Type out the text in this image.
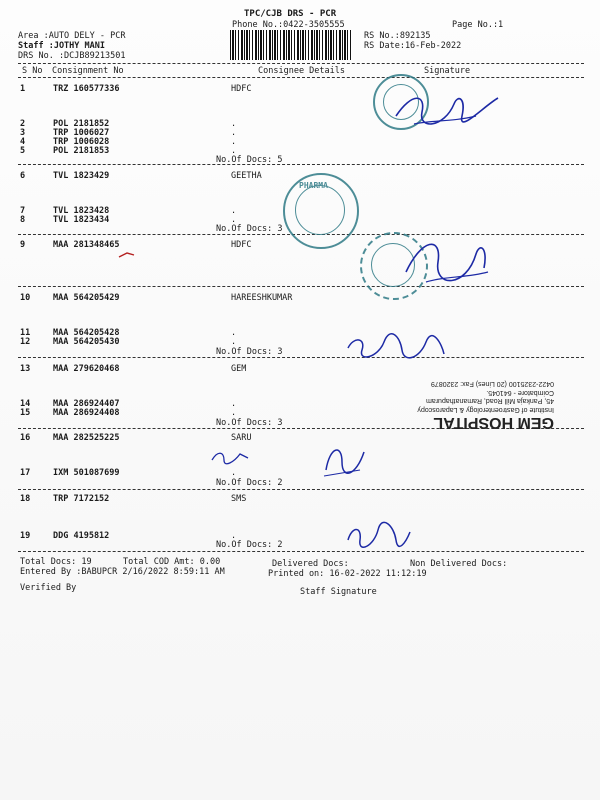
TPC/CJB DRS - PCR
Phone No.:0422-3505555	Page No.:1
Area :AUTO DELY - PCR
Staff :JOTHY MANI
DRS No. :DCJB89213501
RS No.:892135
RS Date:16-Feb-2022
S No Consignment No	Consignee Details	Signature
1	TRZ 160577336	HDFC
2	POL 2181852	.
3	TRP 1006027	.
4	TRP 1006028	.
5	POL 2181853	.
No.Of Docs: 5
6	TVL 1823429	GEETHA
7	TVL 1823428	.
8	TVL 1823434	.
No.Of Docs: 3
9	MAA 281348465	HDFC
10	MAA 564205429	HAREESHKUMAR
11	MAA 564205428	.
12	MAA 564205430	.
No.Of Docs: 3
13	MAA 279620468	GEM
14	MAA 286924407	.
15	MAA 286924408	.
No.Of Docs: 3
16	MAA 282525225	SARU
17	IXM 501087699	.
No.Of Docs: 2
18	TRP 7172152	SMS
19	DDG 4195812	.
No.Of Docs: 2
Total Docs: 19	Total COD Amt: 0.00	Delivered Docs:	Non Delivered Docs:
Entered By :BABUPCR 2/16/2022 8:59:11 AM	Printed on: 16-02-2022 11:12:19
Verified By	Staff Signature
PHARMA
GEM HOSPITAL
Institute of Gastroenterology & Laparoscopy
45, Pankaja Mill Road, Ramanathapuram
Coimbatore - 641045.
0422-2325100 (20 Lines) Fax: 2320879
